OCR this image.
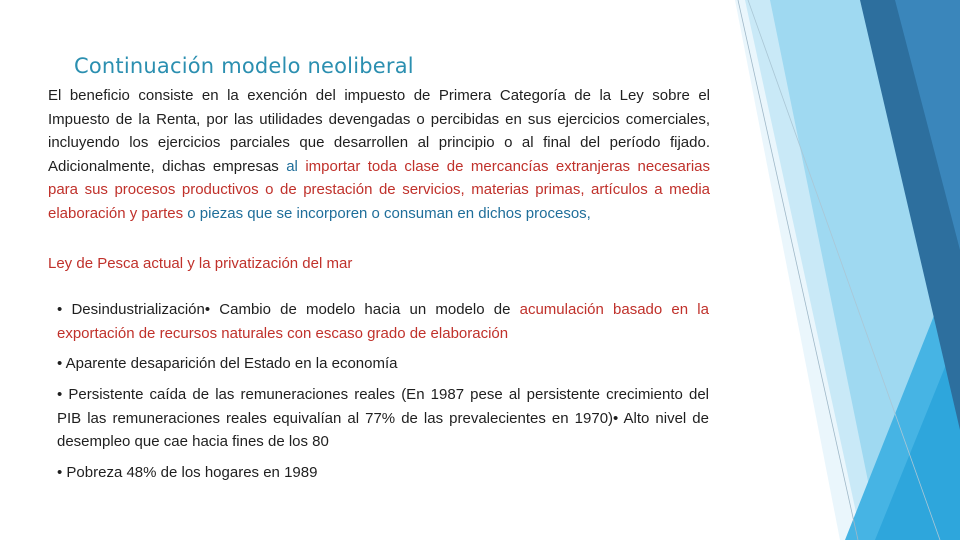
Continuación modelo neoliberal
El beneficio consiste en la exención del impuesto de Primera Categoría de la Ley sobre el Impuesto de la Renta, por las utilidades devengadas o percibidas en sus ejercicios comerciales, incluyendo los ejercicios parciales que desarrollen al principio o al final del período fijado. Adicionalmente, dichas empresas al importar toda clase de mercancías extranjeras necesarias para sus procesos productivos o de prestación de servicios, materias primas, artículos a media elaboración y partes o piezas que se incorporen o consuman en dichos procesos,
Ley de Pesca actual y la privatización del mar
• Desindustrialización• Cambio de modelo hacia un modelo de acumulación basado en la exportación de recursos naturales con escaso grado de elaboración
• Aparente desaparición del Estado en la economía
• Persistente caída de las remuneraciones reales (En 1987 pese al persistente crecimiento del PIB las remuneraciones reales equivalían al 77% de las prevalecientes en 1970)• Alto nivel de desempleo que cae hacia fines de los 80
• Pobreza 48% de los hogares en 1989
